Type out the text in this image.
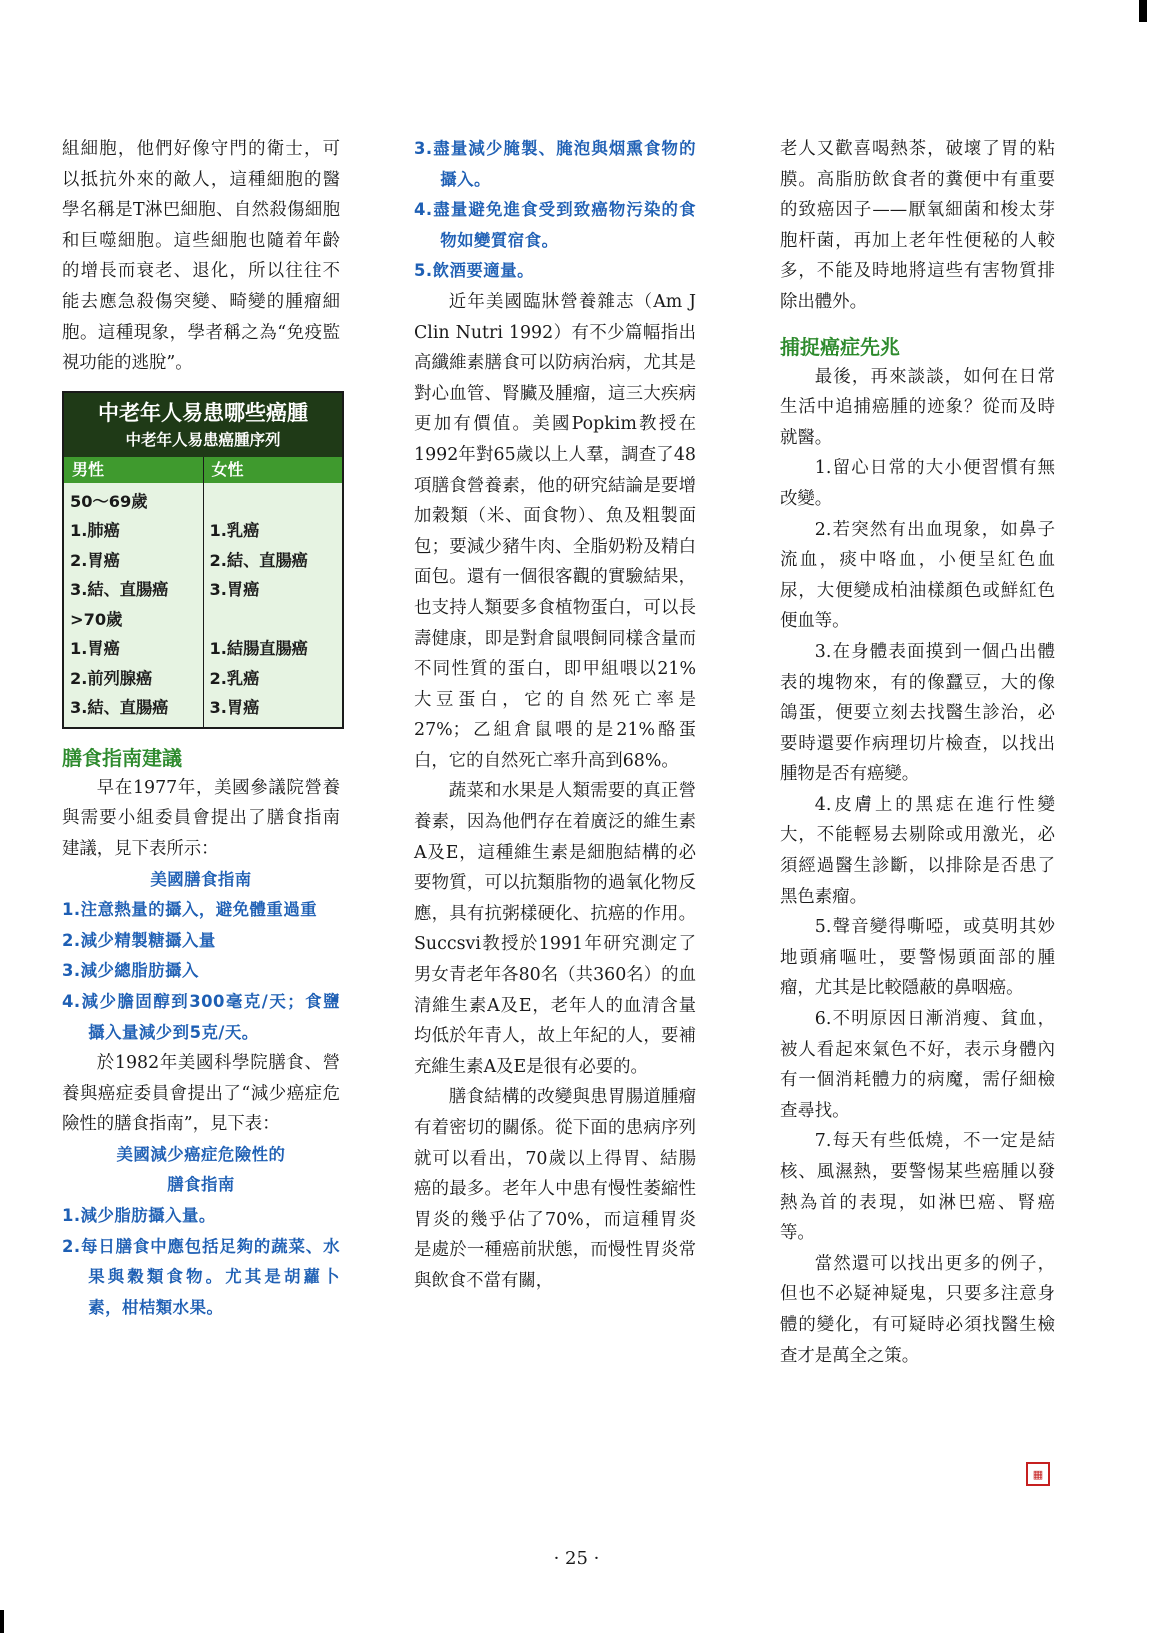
組細胞，他們好像守門的衛士，可以抵抗外來的敵人，這種細胞的醫學名稱是T淋巴細胞、自然殺傷細胞和巨噬細胞。這些細胞也隨着年齡的增長而衰老、退化，所以往往不能去應急殺傷突變、畸變的腫瘤細胞。這種現象，學者稱之為“免疫監視功能的逃脫”。

中老年人易患哪些癌腫
中老年人易患癌腫序列
男性	女性
50〜69歲
1.肺癌
2.胃癌
3.結、直腸癌
>70歲
1.胃癌
2.前列腺癌
3.結、直腸癌

1.乳癌
2.結、直腸癌
3.胃癌

1.結腸直腸癌
2.乳癌
3.胃癌

膳食指南建議

早在1977年，美國參議院營養與需要小組委員會提出了膳食指南建議，見下表所示：

美國膳食指南

1.注意熱量的攝入，避免體重過重

2.減少精製糖攝入量

3.減少總脂肪攝入

4.減少膽固醇到300毫克/天；食鹽攝入量減少到5克/天。

於1982年美國科學院膳食、營養與癌症委員會提出了“減少癌症危險性的膳食指南”，見下表：

美國減少癌症危險性的

膳食指南

1.減少脂肪攝入量。

2.每日膳食中應包括足夠的蔬菜、水果與穀類食物。尤其是胡蘿卜素，柑桔類水果。

3.盡量減少腌製、腌泡與烟熏食物的攝入。

4.盡量避免進食受到致癌物污染的食物如變質宿食。

5.飲酒要適量。

近年美國臨牀營養雜志（Am J Clin Nutri 1992）有不少篇幅指出高纖維素膳食可以防病治病，尤其是對心血管、腎臟及腫瘤，這三大疾病更加有價值。美國Popkim教授在1992年對65歲以上人羣，調查了48項膳食營養素，他的研究結論是要增加穀類（米、面食物）、魚及粗製面包；要減少豬牛肉、全脂奶粉及精白面包。還有一個很客觀的實驗結果，也支持人類要多食植物蛋白，可以長壽健康，即是對倉鼠喂飼同樣含量而不同性質的蛋白，即甲組喂以21%大豆蛋白，它的自然死亡率是27%；乙組倉鼠喂的是21%酪蛋白，它的自然死亡率升高到68%。

蔬菜和水果是人類需要的真正營養素，因為他們存在着廣泛的維生素A及E，這種維生素是細胞結構的必要物質，可以抗類脂物的過氧化物反應，具有抗粥樣硬化、抗癌的作用。Succsvi教授於1991年研究測定了男女青老年各80名（共360名）的血清維生素A及E，老年人的血清含量均低於年青人，故上年紀的人，要補充維生素A及E是很有必要的。

膳食結構的改變與患胃腸道腫瘤有着密切的關係。從下面的患病序列就可以看出，70歲以上得胃、結腸癌的最多。老年人中患有慢性萎縮性胃炎的幾乎佔了70%，而這種胃炎是處於一種癌前狀態，而慢性胃炎常與飲食不當有關，

老人又歡喜喝熱茶，破壞了胃的粘膜。高脂肪飲食者的糞便中有重要的致癌因子——厭氧細菌和梭太芽胞杆菌，再加上老年性便秘的人較多，不能及時地將這些有害物質排除出體外。

捕捉癌症先兆

最後，再來談談，如何在日常生活中追捕癌腫的迹象？從而及時就醫。

1.留心日常的大小便習慣有無改變。

2.若突然有出血現象，如鼻子流血，痰中咯血，小便呈紅色血尿，大便變成柏油樣顏色或鮮紅色便血等。

3.在身體表面摸到一個凸出體表的塊物來，有的像蠶豆，大的像鴿蛋，便要立刻去找醫生診治，必要時還要作病理切片檢查，以找出腫物是否有癌變。

4.皮膚上的黑痣在進行性變大，不能輕易去剔除或用激光，必須經過醫生診斷，以排除是否患了黑色素瘤。

5.聲音變得嘶啞，或莫明其妙地頭痛嘔吐，要警惕頭面部的腫瘤，尤其是比較隱蔽的鼻咽癌。

6.不明原因日漸消瘦、貧血，被人看起來氣色不好，表示身體內有一個消耗體力的病魔，需仔細檢查尋找。

7.每天有些低燒，不一定是結核、風濕熱，要警惕某些癌腫以發熱為首的表現，如淋巴癌、腎癌等。

當然還可以找出更多的例子，但也不必疑神疑鬼，只要多注意身體的變化，有可疑時必須找醫生檢查才是萬全之策。

▦
· 25 ·
